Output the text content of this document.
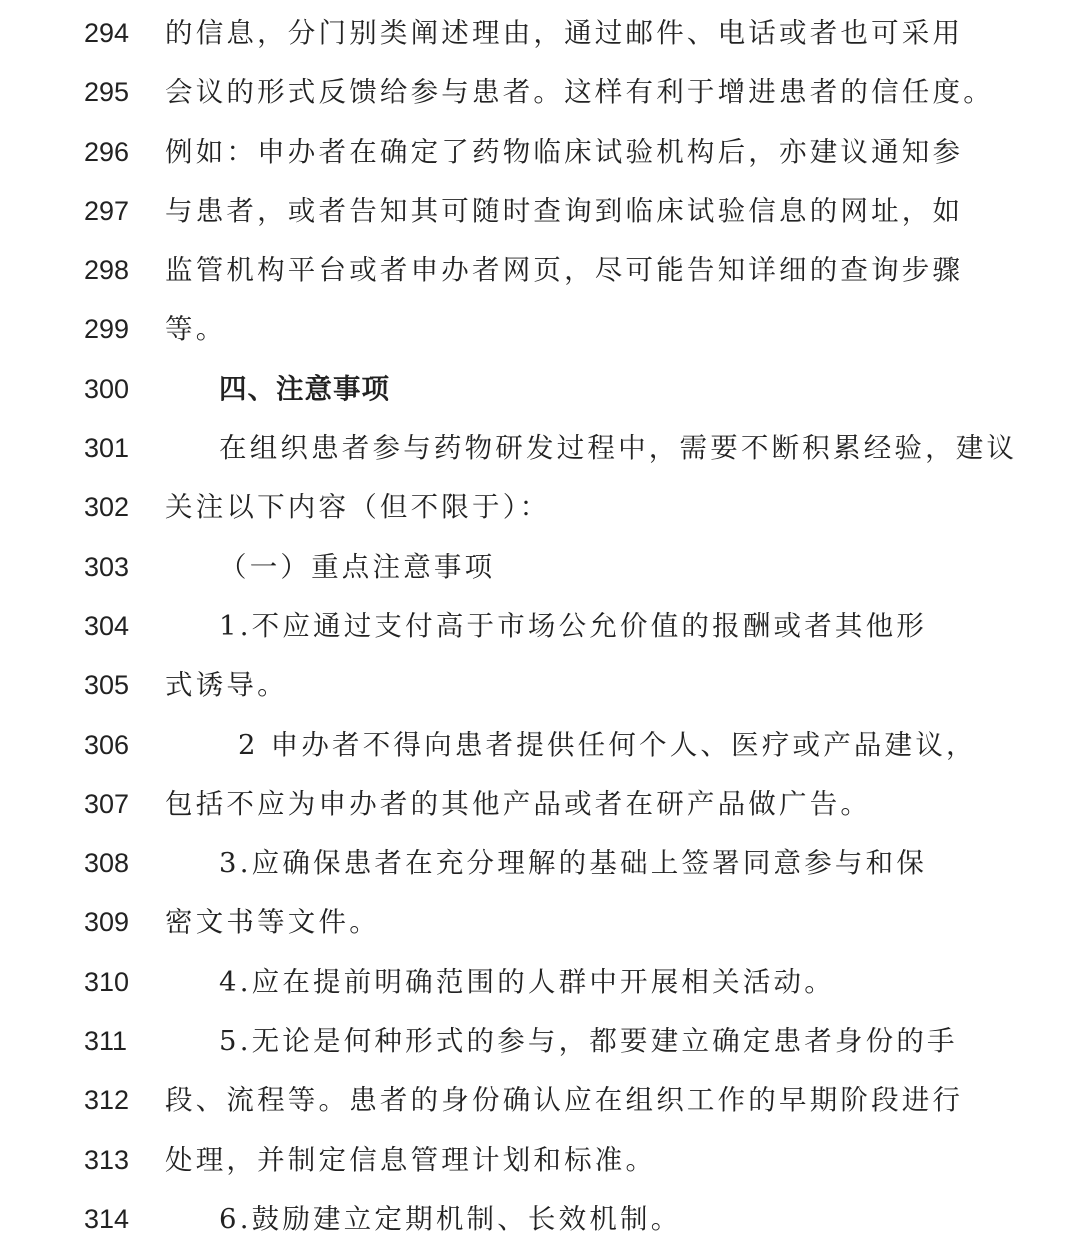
294 的信息，分门别类阐述理由，通过邮件、电话或者也可采用
295 会议的形式反馈给参与患者。这样有利于增进患者的信任度。
296 例如：申办者在确定了药物临床试验机构后，亦建议通知参
297 与患者，或者告知其可随时查询到临床试验信息的网址，如
298 监管机构平台或者申办者网页，尽可能告知详细的查询步骤
299 等。
300	四、注意事项
301	在组织患者参与药物研发过程中，需要不断积累经验，建议
302 关注以下内容（但不限于）：
303	（一）重点注意事项
304	1.不应通过支付高于市场公允价值的报酬或者其他形
305 式诱导。
306	2 申办者不得向患者提供任何个人、医疗或产品建议，
307 包括不应为申办者的其他产品或者在研产品做广告。
308	3.应确保患者在充分理解的基础上签署同意参与和保
309 密文书等文件。
310	4.应在提前明确范围的人群中开展相关活动。
311	5.无论是何种形式的参与，都要建立确定患者身份的手
312 段、流程等。患者的身份确认应在组织工作的早期阶段进行
313 处理，并制定信息管理计划和标准。
314	6.鼓励建立定期机制、长效机制。
